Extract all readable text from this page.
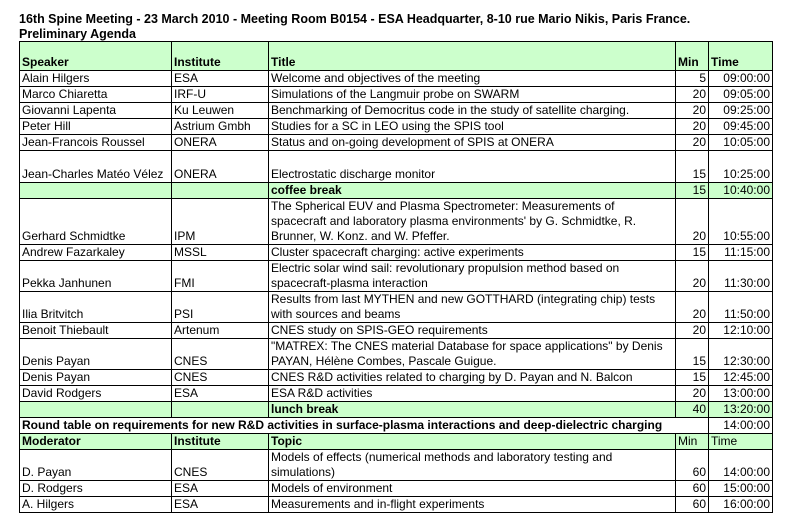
16th Spine Meeting - 23 March 2010 - Meeting Room B0154 - ESA Headquarter, 8-10 rue Mario Nikis, Paris France.
Preliminary Agenda
Speaker	Institute	Title	Min	Time
Alain Hilgers	ESA	Welcome and objectives of the meeting	5	09:00:00
Marco Chiaretta	IRF-U	Simulations of the Langmuir probe on SWARM	20	09:05:00
Giovanni Lapenta	Ku Leuwen	Benchmarking of Democritus code in the study of satellite charging.	20	09:25:00
Peter Hill	Astrium Gmbh	Studies for a SC in LEO using the SPIS tool	20	09:45:00
Jean-Francois Roussel	ONERA	Status and on-going development of SPIS at ONERA	20	10:05:00
Jean-Charles Matéo Vélez	ONERA	Electrostatic discharge monitor	15	10:25:00
		coffee break	15	10:40:00
Gerhard Schmidtke	IPM	The Spherical EUV and Plasma Spectrometer: Measurements of spacecraft and laboratory plasma environments' by G. Schmidtke, R. Brunner, W. Konz. and W. Pfeffer.	20	10:55:00
Andrew Fazarkaley	MSSL	Cluster spacecraft charging: active experiments	15	11:15:00
Pekka Janhunen	FMI	Electric solar wind sail: revolutionary propulsion method based on spacecraft-plasma interaction	20	11:30:00
Ilia Britvitch	PSI	Results from last MYTHEN and new GOTTHARD (integrating chip) tests with sources and beams	20	11:50:00
Benoit Thiebault	Artenum	CNES study on SPIS-GEO requirements	20	12:10:00
Denis Payan	CNES	"MATREX: The CNES material Database for space applications" by Denis PAYAN, Hélène Combes, Pascale Guigue.	15	12:30:00
Denis Payan	CNES	CNES R&D activities related to charging by D. Payan and N. Balcon	15	12:45:00
David Rodgers	ESA	ESA R&D activities	20	13:00:00
		lunch break	40	13:20:00
Round table on requirements for new R&D activities in surface-plasma interactions and deep-dielectric charging				14:00:00
Moderator	Institute	Topic	Min	Time
D. Payan	CNES	Models of effects (numerical methods and laboratory testing and simulations)	60	14:00:00
D. Rodgers	ESA	Models of environment	60	15:00:00
A. Hilgers	ESA	Measurements and in-flight experiments	60	16:00:00
